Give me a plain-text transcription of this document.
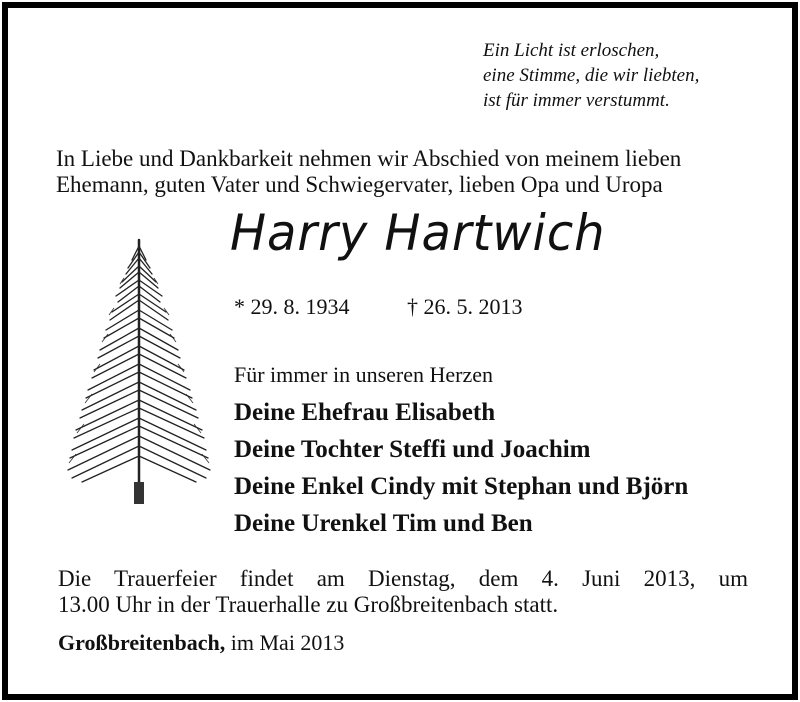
Ein Licht ist erloschen,
eine Stimme, die wir liebten,
ist für immer verstummt.
In Liebe und Dankbarkeit nehmen wir Abschied von meinem lieben
Ehemann, guten Vater und Schwiegervater, lieben Opa und Uropa
Harry Hartwich
* 29. 8. 1934	† 26. 5. 2013
Für immer in unseren Herzen
Deine Ehefrau Elisabeth
Deine Tochter Steffi und Joachim
Deine Enkel Cindy mit Stephan und Björn
Deine Urenkel Tim und Ben
Die Trauerfeier findet am Dienstag, dem 4. Juni 2013, um
13.00 Uhr in der Trauerhalle zu Großbreitenbach statt.
Großbreitenbach, im Mai 2013
